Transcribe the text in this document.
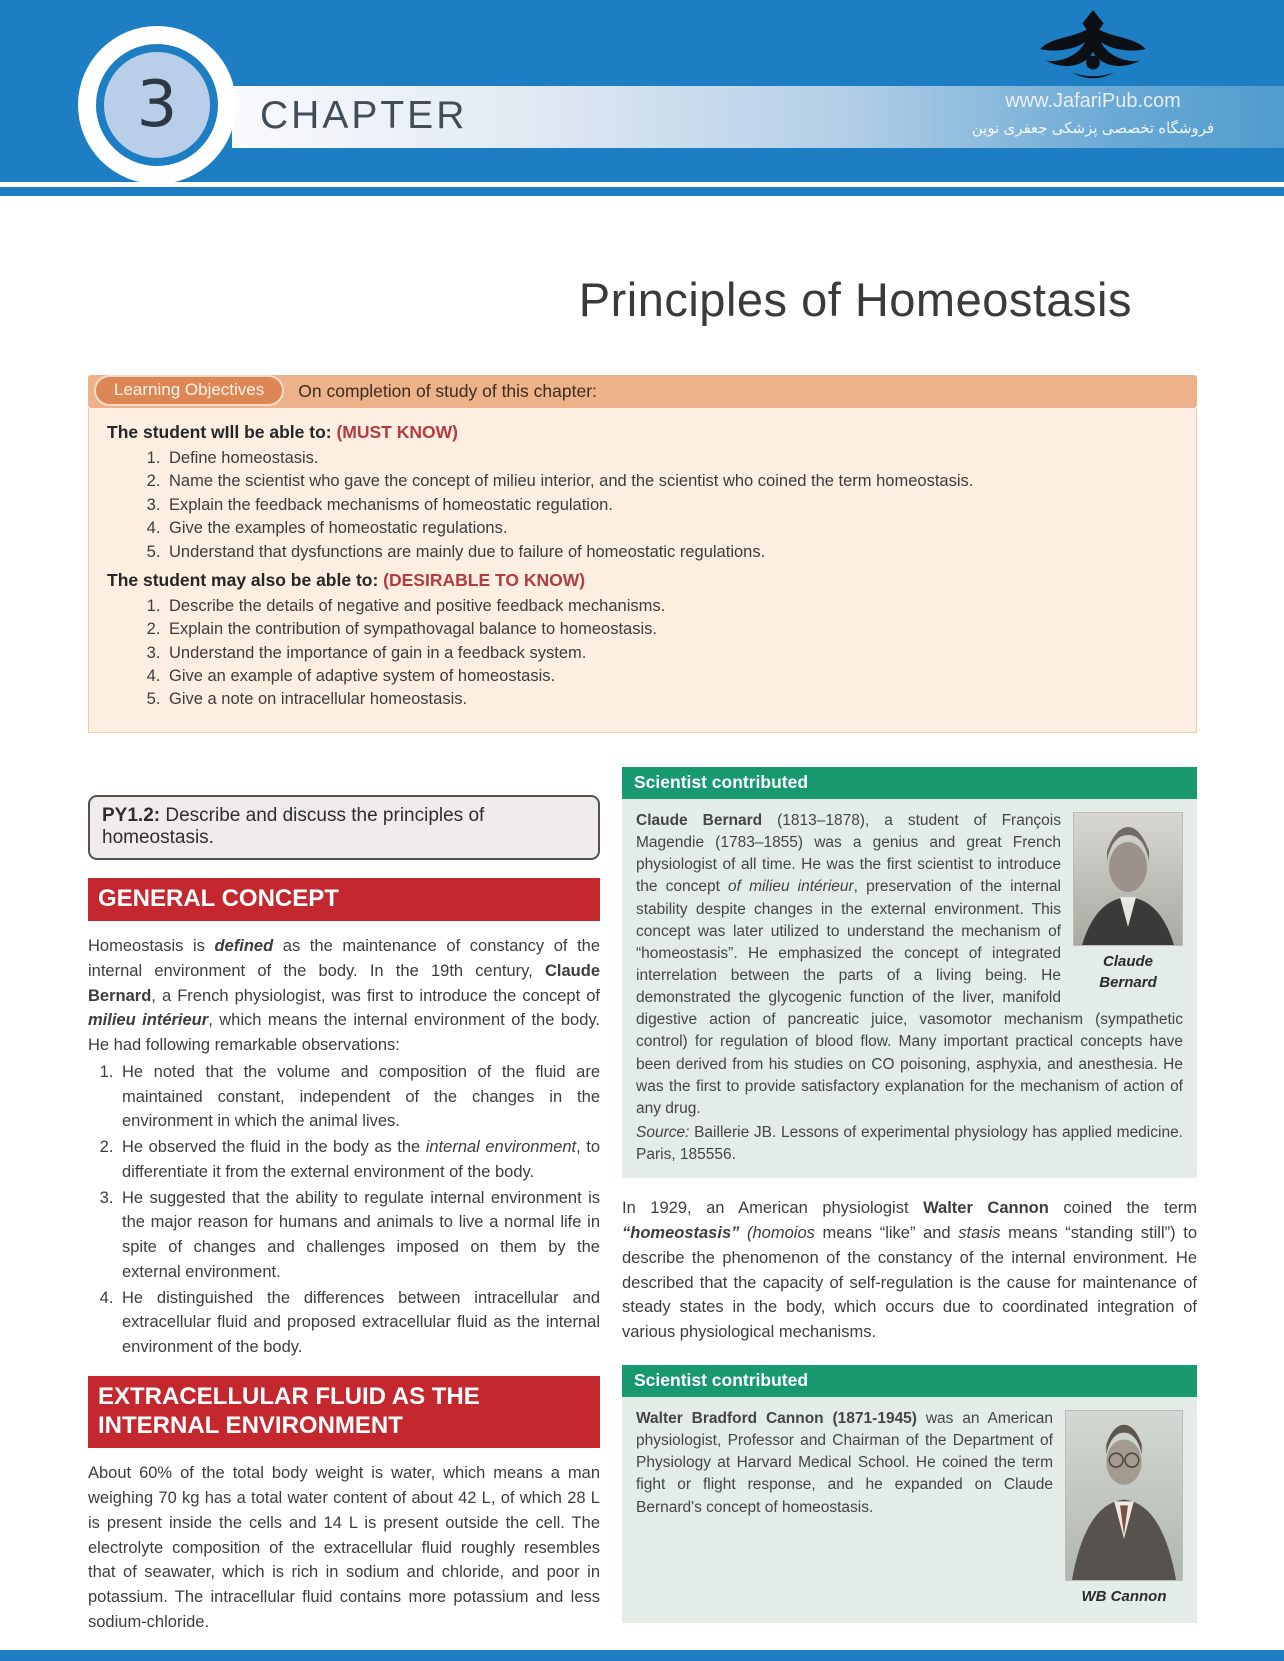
3 CHAPTER	www.JafariPub.com
فروشگاه تخصصی پزشکی جعفری نوین
Principles of Homeostasis
Learning Objectives	On completion of study of this chapter:

The student wIll be able to: (MUST KNOW)

1. Define homeostasis.
2. Name the scientist who gave the concept of milieu interior, and the scientist who coined the term homeostasis.
3. Explain the feedback mechanisms of homeostatic regulation.
4. Give the examples of homeostatic regulations.
5. Understand that dysfunctions are mainly due to failure of homeostatic regulations.

The student may also be able to: (DESIRABLE TO KNOW)

1. Describe the details of negative and positive feedback mechanisms.
2. Explain the contribution of sympathovagal balance to homeostasis.
3. Understand the importance of gain in a feedback system.
4. Give an example of adaptive system of homeostasis.
5. Give a note on intracellular homeostasis.
PY1.2: Describe and discuss the principles of homeostasis.
GENERAL CONCEPT

Homeostasis is defined as the maintenance of constancy of the internal environment of the body. In the 19th century, Claude Bernard, a French physiologist, was first to introduce the concept of milieu intérieur, which means the internal environment of the body. He had following remarkable observations:

1. He noted that the volume and composition of the fluid are maintained constant, independent of the changes in the environment in which the animal lives.
2. He observed the fluid in the body as the internal environment, to differentiate it from the external environment of the body.
3. He suggested that the ability to regulate internal environment is the major reason for humans and animals to live a normal life in spite of changes and challenges imposed on them by the external environment.
4. He distinguished the differences between intracellular and extracellular fluid and proposed extracellular fluid as the internal environment of the body.
EXTRACELLULAR FLUID AS THE INTERNAL ENVIRONMENT

About 60% of the total body weight is water, which means a man weighing 70 kg has a total water content of about 42 L, of which 28 L is present inside the cells and 14 L is present outside the cell. The electrolyte composition of the extracellular fluid roughly resembles that of seawater, which is rich in sodium and chloride, and poor in potassium. The intracellular fluid contains more potassium and less sodium-chloride.

Scientist contributed
Claude Bernard

Claude Bernard (1813–1878), a student of François Magendie (1783–1855) was a genius and great French physiologist of all time. He was the first scientist to introduce the concept of milieu intérieur, preservation of the internal stability despite changes in the external environment. This concept was later utilized to understand the mechanism of “homeostasis”. He emphasized the concept of integrated interrelation between the parts of a living being. He demonstrated the glycogenic function of the liver, manifold digestive action of pancreatic juice, vasomotor mechanism (sympathetic control) for regulation of blood flow. Many important practical concepts have been derived from his studies on CO poisoning, asphyxia, and anesthesia. He was the first to provide satisfactory explanation for the mechanism of action of any drug.

Source: Baillerie JB. Lessons of experimental physiology has applied medicine. Paris, 185556.

In 1929, an American physiologist Walter Cannon coined the term “homeostasis” (homoios means “like” and stasis means “standing still”) to describe the phenomenon of the constancy of the internal environment. He described that the capacity of self-regulation is the cause for maintenance of steady states in the body, which occurs due to coordinated integration of various physiological mechanisms.

Scientist contributed
WB Cannon

Walter Bradford Cannon (1871-1945) was an American physiologist, Professor and Chairman of the Department of Physiology at Harvard Medical School. He coined the term fight or flight response, and he expanded on Claude Bernard's concept of homeostasis.
